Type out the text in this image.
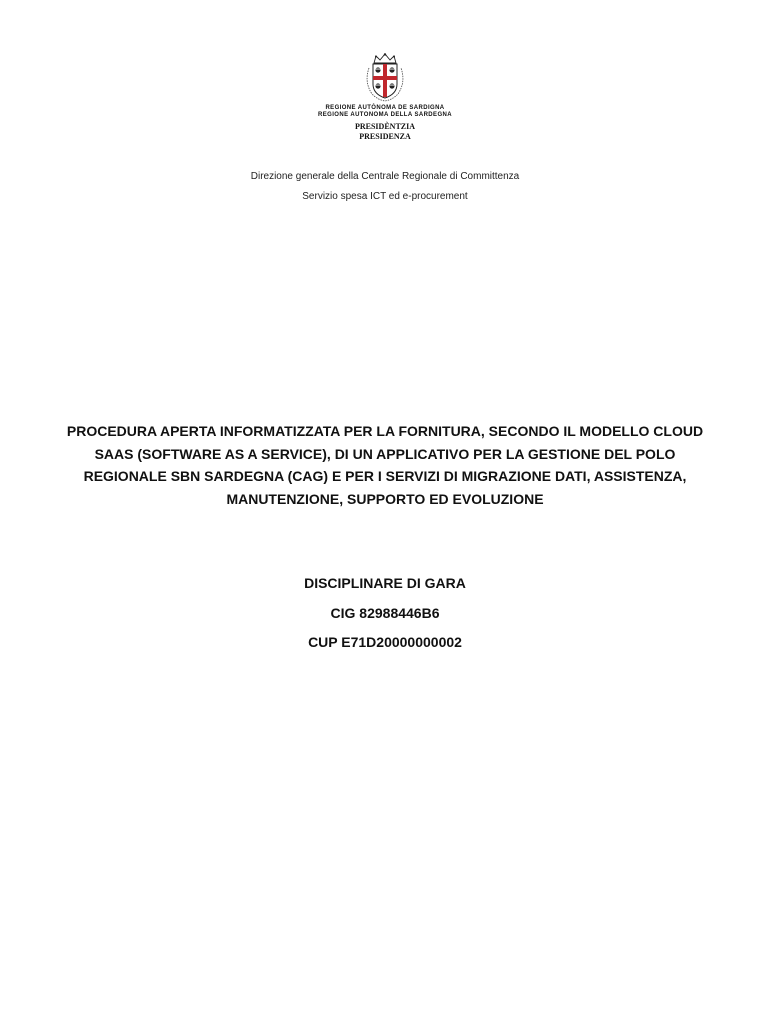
REGIONE AUTÒNOMA DE SARDIGNA
REGIONE AUTONOMA DELLA SARDEGNA
PRESIDÈNTZIA
PRESIDENZA
Direzione generale della Centrale Regionale di Committenza
Servizio spesa ICT ed e-procurement
PROCEDURA APERTA INFORMATIZZATA PER LA FORNITURA, SECONDO IL MODELLO CLOUD SAAS (SOFTWARE AS A SERVICE), DI UN APPLICATIVO PER LA GESTIONE DEL POLO REGIONALE SBN SARDEGNA (CAG) E PER I SERVIZI DI MIGRAZIONE DATI, ASSISTENZA, MANUTENZIONE, SUPPORTO ED EVOLUZIONE
DISCIPLINARE DI GARA
CIG 82988446B6
CUP E71D20000000002
